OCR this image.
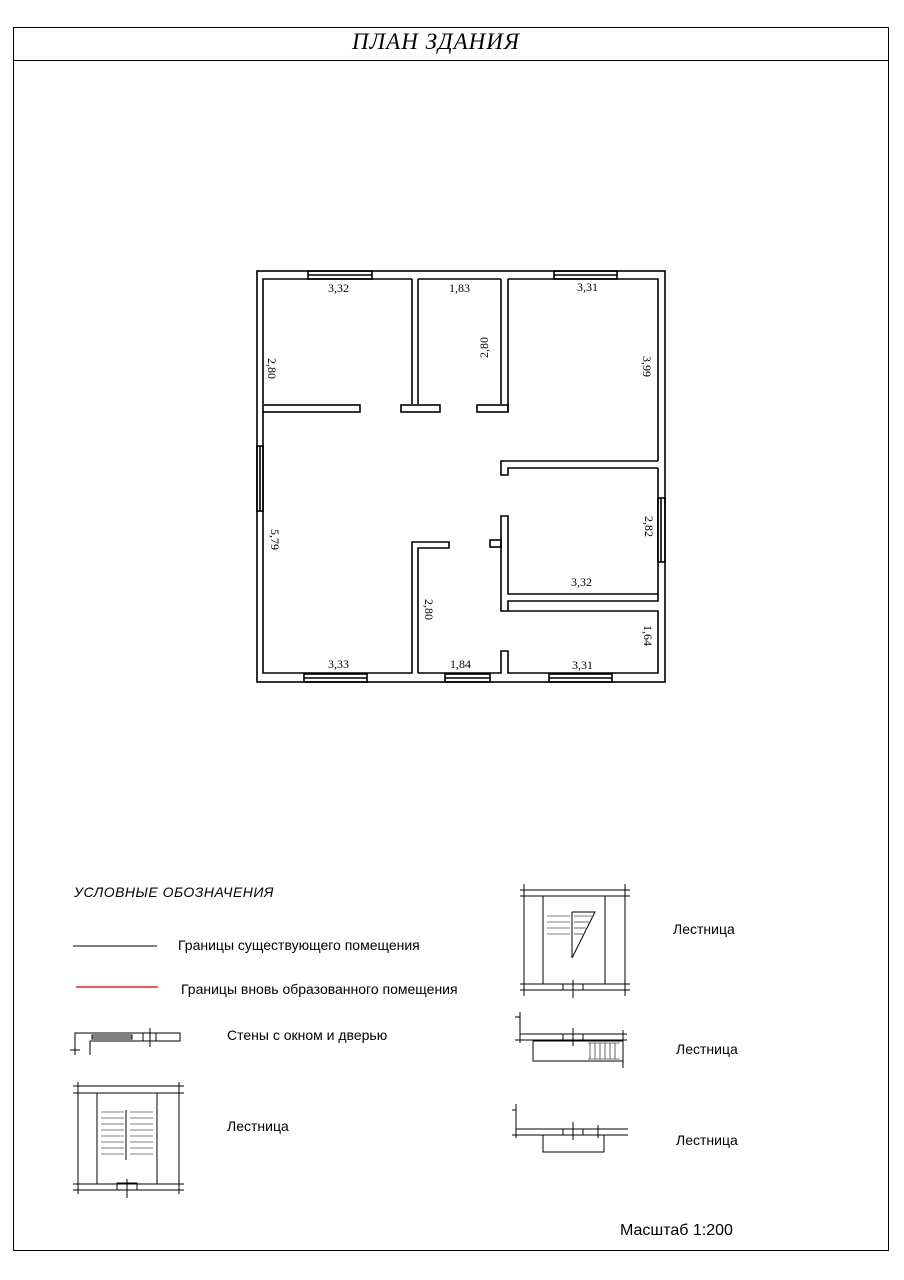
ПЛАН ЗДАНИЯ
3,32	1,83	3,31
2,80
2,80
3,99
5,79
2,82
3,32
2,80
1,64
3,33	1,84	3,31
УСЛОВНЫЕ ОБОЗНАЧЕНИЯ
Границы существующего помещения
Границы вновь образованного помещения
Стены с окном и дверью
Лестница
Лестница
Лестница
Лестница
Масштаб 1:200
